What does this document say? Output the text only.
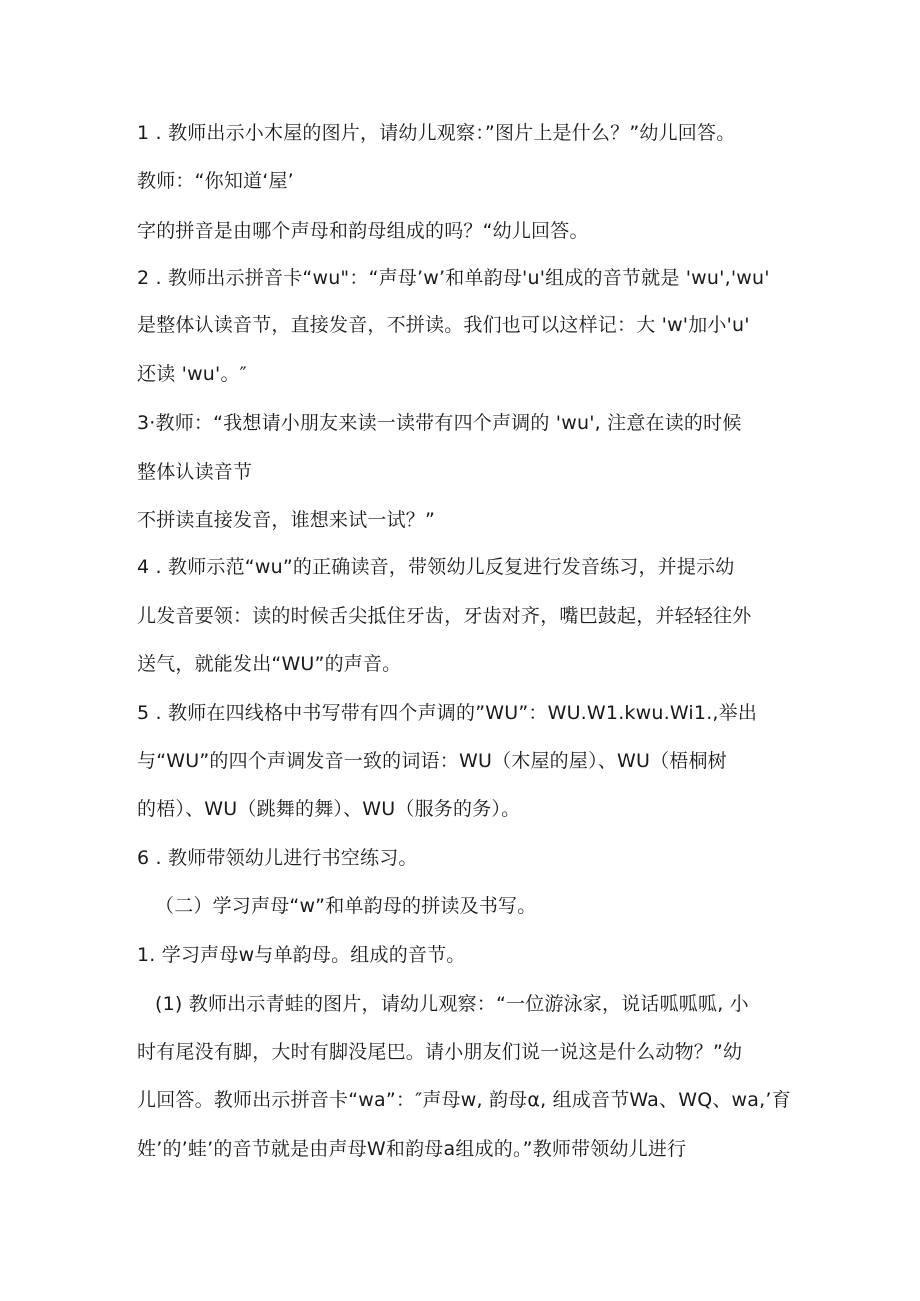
1 . 教师出示小木屋的图片，请幼儿观察：”图片上是什么？”幼儿回答。
教师：“你知道‘屋’
字的拼音是由哪个声母和韵母组成的吗？“幼儿回答。
2 . 教师出示拼音卡“wu"：“声母’w’和单韵母'u'组成的音节就是 'wu','wu'
是整体认读音节，直接发音，不拼读。我们也可以这样记：大 'w'加小'u'
还读 'wu'。″
3·教师：“我想请小朋友来读一读带有四个声调的 'wu', 注意在读的时候
整体认读音节
不拼读直接发音，谁想来试一试？”
4 . 教师示范“wu”的正确读音，带领幼儿反复进行发音练习，并提示幼
儿发音要领：读的时候舌尖抵住牙齿，牙齿对齐，嘴巴鼓起，并轻轻往外
送气，就能发出“WU”的声音。
5 . 教师在四线格中书写带有四个声调的”WU”：WU.W1.kwu.Wi1.,举出
与“WU”的四个声调发音一致的词语：WU（木屋的屋）、WU（梧桐树
的梧）、WU（跳舞的舞）、WU（服务的务）。
6 . 教师带领幼儿进行书空练习。
（二）学习声母“w”和单韵母的拼读及书写。
1. 学习声母w与单韵母。组成的音节。
(1) 教师出示青蛙的图片，请幼儿观察：“一位游泳家，说话呱呱呱, 小
时有尾没有脚，大时有脚没尾巴。请小朋友们说一说这是什么动物？”幼
儿回答。教师出示拼音卡“wa”：″声母w, 韵母α, 组成音节Wa、WQ、wa,’育
姓’的’蛙’的音节就是由声母W和韵母a组成的。”教师带领幼儿进行
